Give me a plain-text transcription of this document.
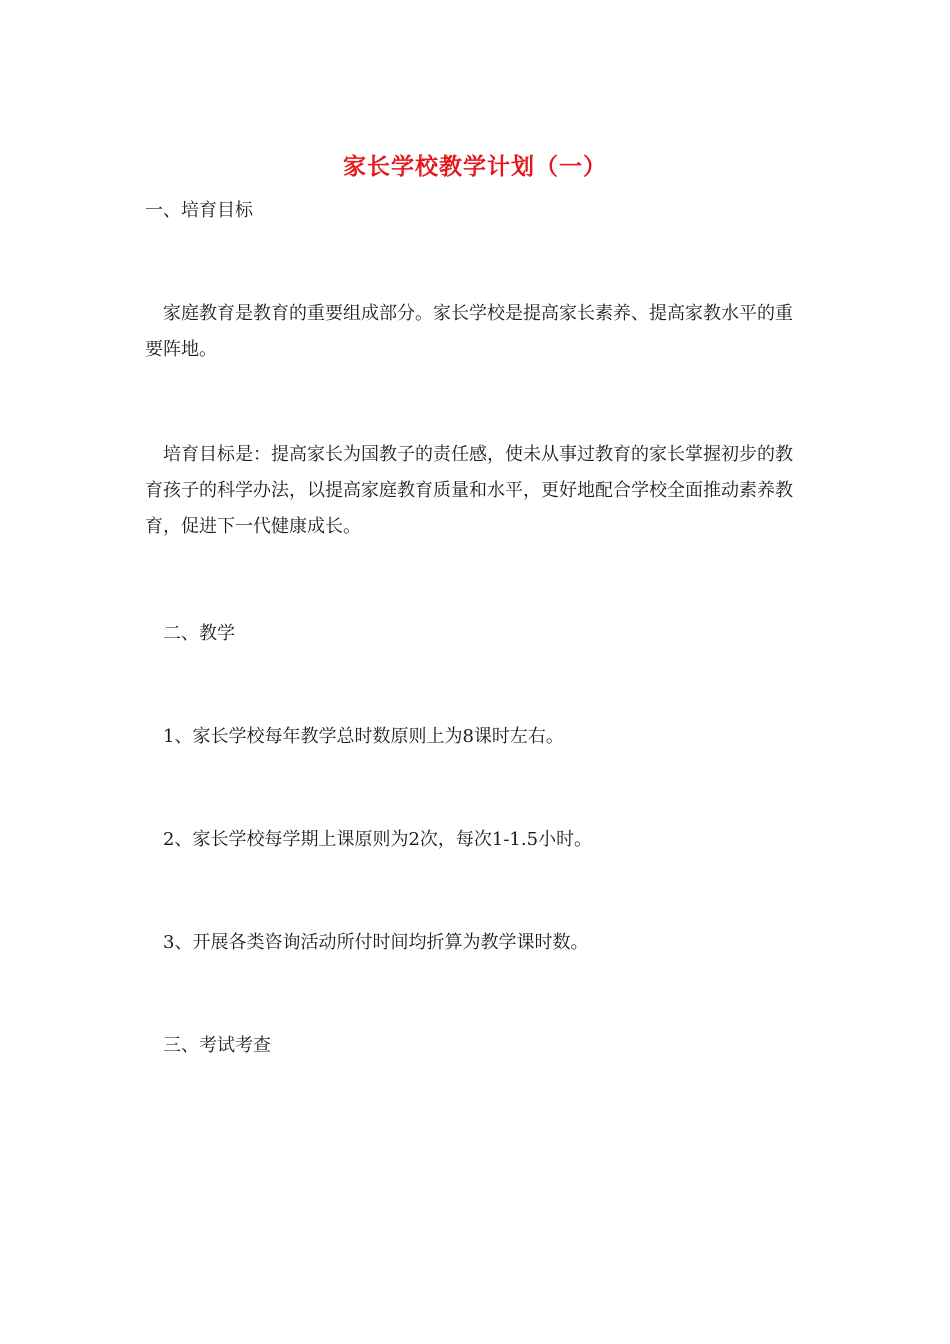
家长学校教学计划（一）
一、培育目标
家庭教育是教育的重要组成部分。家长学校是提高家长素养、提高家教水平的重要阵地。
培育目标是：提高家长为国教子的责任感，使未从事过教育的家长掌握初步的教育孩子的科学办法，以提高家庭教育质量和水平，更好地配合学校全面推动素养教育，促进下一代健康成长。
二、教学
1、家长学校每年教学总时数原则上为8课时左右。
2、家长学校每学期上课原则为2次，每次1-1.5小时。
3、开展各类咨询活动所付时间均折算为教学课时数。
三、考试考查
